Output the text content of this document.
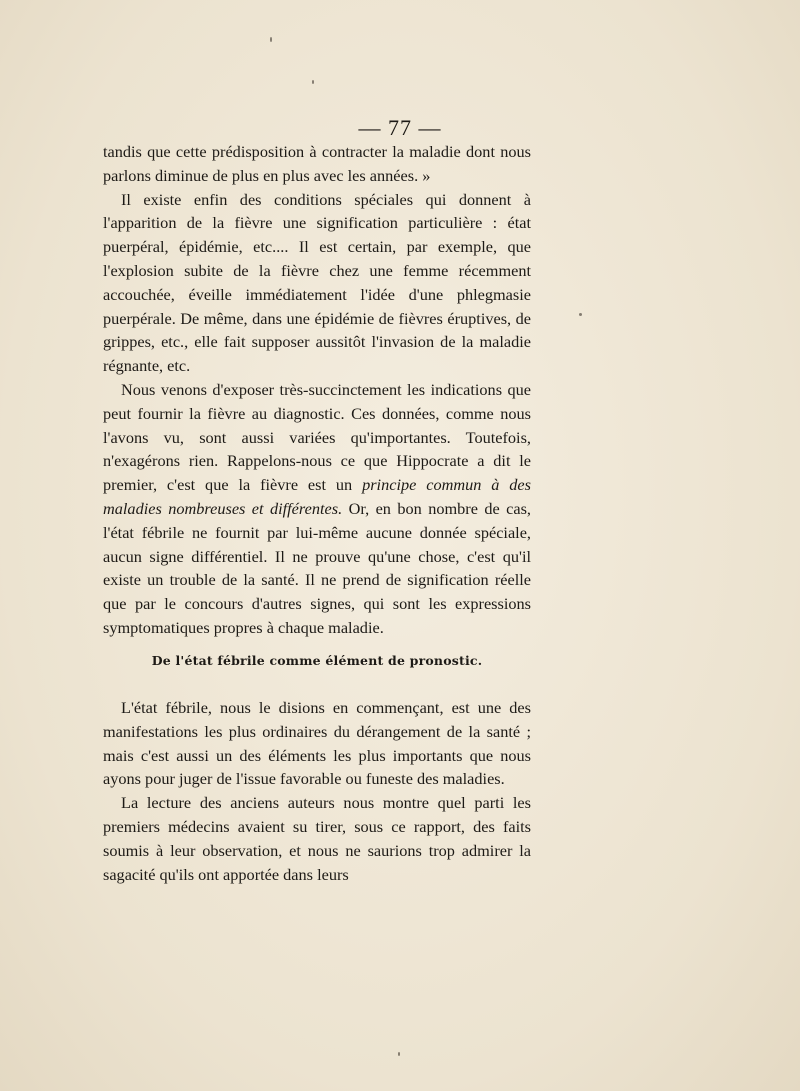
— 77 —

tandis que cette prédisposition à contracter la maladie dont nous parlons diminue de plus en plus avec les années. »

Il existe enfin des conditions spéciales qui donnent à l'apparition de la fièvre une signification particulière : état puerpéral, épidémie, etc.... Il est certain, par exemple, que l'explosion subite de la fièvre chez une femme récemment accouchée, éveille immédiatement l'idée d'une phlegmasie puerpérale. De même, dans une épidémie de fièvres éruptives, de grippes, etc., elle fait supposer aussitôt l'invasion de la maladie régnante, etc.

Nous venons d'exposer très-succinctement les indications que peut fournir la fièvre au diagnostic. Ces données, comme nous l'avons vu, sont aussi variées qu'importantes. Toutefois, n'exagérons rien. Rappelons-nous ce que Hippocrate a dit le premier, c'est que la fièvre est un principe commun à des maladies nombreuses et différentes. Or, en bon nombre de cas, l'état fébrile ne fournit par lui-même aucune donnée spéciale, aucun signe différentiel. Il ne prouve qu'une chose, c'est qu'il existe un trouble de la santé. Il ne prend de signification réelle que par le concours d'autres signes, qui sont les expressions symptomatiques propres à chaque maladie.

De l'état fébrile comme élément de pronostic.

L'état fébrile, nous le disions en commençant, est une des manifestations les plus ordinaires du dérangement de la santé ; mais c'est aussi un des éléments les plus importants que nous ayons pour juger de l'issue favorable ou funeste des maladies.

La lecture des anciens auteurs nous montre quel parti les premiers médecins avaient su tirer, sous ce rapport, des faits soumis à leur observation, et nous ne saurions trop admirer la sagacité qu'ils ont apportée dans leurs
